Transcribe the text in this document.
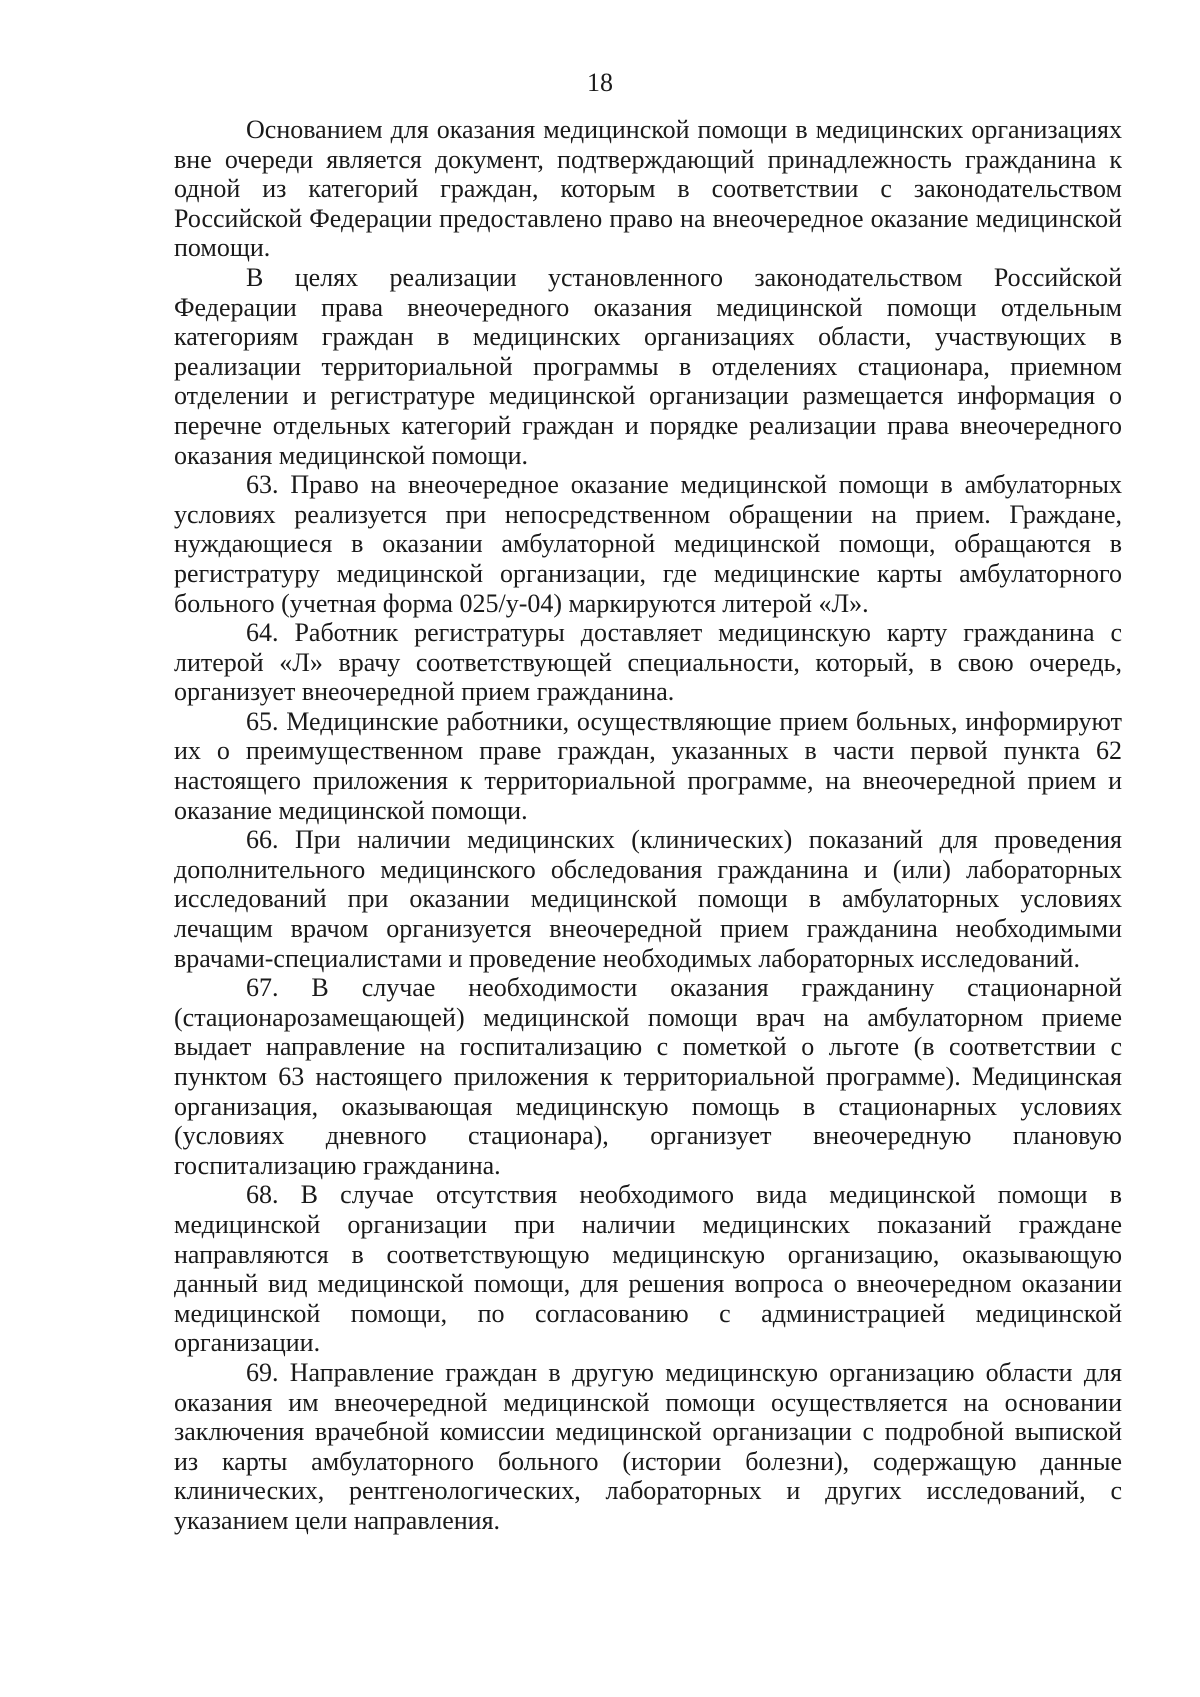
18

Основанием для оказания медицинской помощи в медицинских организациях вне очереди является документ, подтверждающий принадлежность гражданина к одной из категорий граждан, которым в соответствии с законодательством Российской Федерации предоставлено право на внеочередное оказание медицинской помощи.

В целях реализации установленного законодательством Российской Федерации права внеочередного оказания медицинской помощи отдельным категориям граждан в медицинских организациях области, участвующих в реализации территориальной программы в отделениях стационара, приемном отделении и регистратуре медицинской организации размещается информация о перечне отдельных категорий граждан и порядке реализации права внеочередного оказания медицинской помощи.

63. Право на внеочередное оказание медицинской помощи в амбулаторных условиях реализуется при непосредственном обращении на прием. Граждане, нуждающиеся в оказании амбулаторной медицинской помощи, обращаются в регистратуру медицинской организации, где медицинские карты амбулаторного больного (учетная форма 025/у-04) маркируются литерой «Л».

64. Работник регистратуры доставляет медицинскую карту гражданина с литерой «Л» врачу соответствующей специальности, который, в свою очередь, организует внеочередной прием гражданина.

65. Медицинские работники, осуществляющие прием больных, информируют их о преимущественном праве граждан, указанных в части первой пункта 62 настоящего приложения к территориальной программе, на внеочередной прием и оказание медицинской помощи.

66. При наличии медицинских (клинических) показаний для проведения дополнительного медицинского обследования гражданина и (или) лабораторных исследований при оказании медицинской помощи в амбулаторных условиях лечащим врачом организуется внеочередной прием гражданина необходимыми врачами-специалистами и проведение необходимых лабораторных исследований.

67. В случае необходимости оказания гражданину стационарной (стационарозамещающей) медицинской помощи врач на амбулаторном приеме выдает направление на госпитализацию с пометкой о льготе (в соответствии с пунктом 63 настоящего приложения к территориальной программе). Медицинская организация, оказывающая медицинскую помощь в стационарных условиях (условиях дневного стационара), организует внеочередную плановую госпитализацию гражданина.

68. В случае отсутствия необходимого вида медицинской помощи в медицинской организации при наличии медицинских показаний граждане направляются в соответствующую медицинскую организацию, оказывающую данный вид медицинской помощи, для решения вопроса о внеочередном оказании медицинской помощи, по согласованию с администрацией медицинской организации.

69. Направление граждан в другую медицинскую организацию области для оказания им внеочередной медицинской помощи осуществляется на основании заключения врачебной комиссии медицинской организации с подробной выпиской из карты амбулаторного больного (истории болезни), содержащую данные клинических, рентгенологических, лабораторных и других исследований, с указанием цели направления.
